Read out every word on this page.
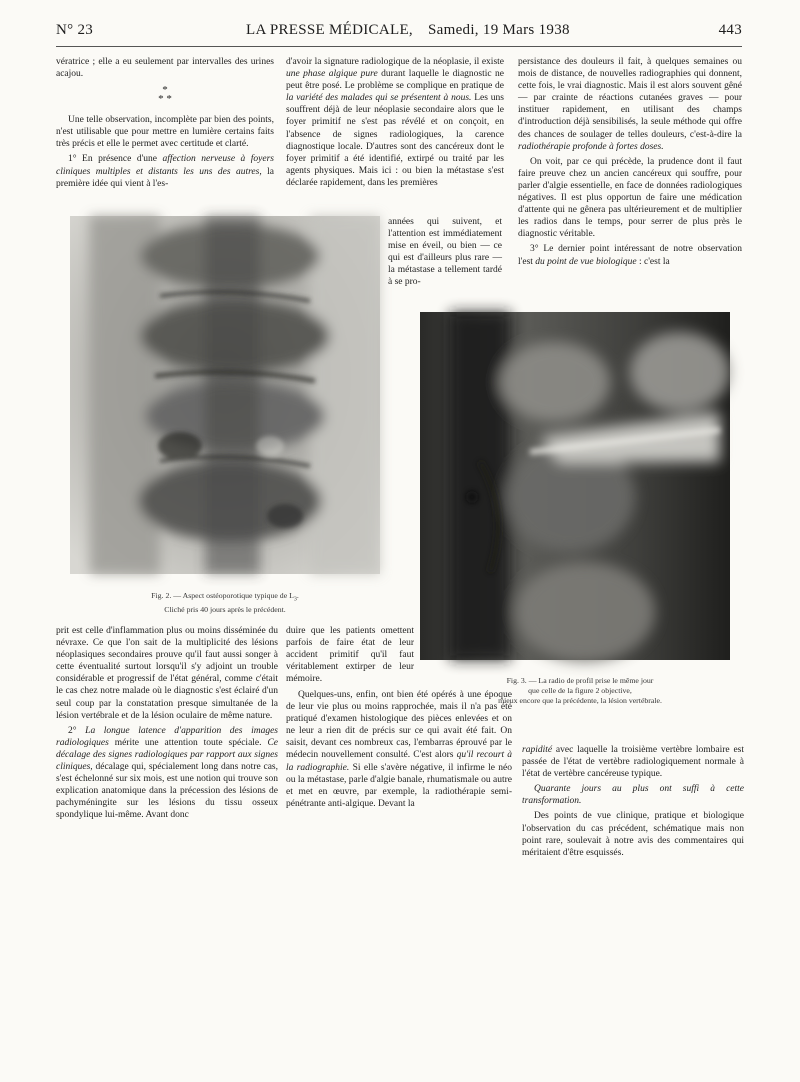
N° 23	LA PRESSE MÉDICALE, Samedi, 19 Mars 1938	443

vératrice ; elle a eu seulement par intervalles des urines acajou.

*
* *

Une telle observation, incomplète par bien des points, n'est utilisable que pour mettre en lumière certains faits très précis et elle le permet avec certitude et clarté.

1° En présence d'une affection nerveuse à foyers cliniques multiples et distants les uns des autres, la première idée qui vient à l'es-

d'avoir la signature radiologique de la néoplasie, il existe une phase algique pure durant laquelle le diagnostic ne peut être posé. Le problème se complique en pratique de la variété des malades qui se présentent à nous. Les uns souffrent déjà de leur néoplasie secondaire alors que le foyer primitif ne s'est pas révélé et on conçoit, en l'absence de signes radiologiques, la carence diagnostique locale. D'autres sont des cancéreux dont le foyer primitif a été identifié, extirpé ou traité par les agents physiques. Mais ici : ou bien la métastase s'est déclarée rapidement, dans les premières

années qui suivent, et l'attention est immédiatement mise en éveil, ou bien — ce qui est d'ailleurs plus rare — la métastase a tellement tardé à se pro-

persistance des douleurs il fait, à quelques semaines ou mois de distance, de nouvelles radiographies qui donnent, cette fois, le vrai diagnostic. Mais il est alors souvent gêné — par crainte de réactions cutanées graves — pour instituer rapidement, en utilisant des champs d'introduction déjà sensibilisés, la seule méthode qui offre des chances de soulager de telles douleurs, c'est-à-dire la radiothérapie profonde à fortes doses.

On voit, par ce qui précède, la prudence dont il faut faire preuve chez un ancien cancéreux qui souffre, pour parler d'algie essentielle, en face de données radiologiques négatives. Il est plus opportun de faire une médication d'attente qui ne gênera pas ultérieurement et de multiplier les radios dans le temps, pour serrer de plus près le diagnostic véritable.

3° Le dernier point intéressant de notre observation l'est du point de vue biologique : c'est la

Fig. 2. — Aspect ostéoporotique typique de $L_3$.
Cliché pris 40 jours après le précédent.
Fig. 3. — La radio de profil prise le même jour
que celle de la figure 2 objective,
mieux encore que la précédente, la lésion vertébrale.

prit est celle d'inflammation plus ou moins disséminée du névraxe. Ce que l'on sait de la multiplicité des lésions néoplasiques secondaires prouve qu'il faut aussi songer à cette éventualité surtout lorsqu'il s'y adjoint un trouble considérable et progressif de l'état général, comme c'était le cas chez notre malade où le diagnostic s'est éclairé d'un seul coup par la constatation presque simultanée de la lésion vertébrale et de la lésion oculaire de même nature.

2° La longue latence d'apparition des images radiologiques mérite une attention toute spéciale. Ce décalage des signes radiologiques par rapport aux signes cliniques, décalage qui, spécialement long dans notre cas, s'est échelonné sur six mois, est une notion qui trouve son explication anatomique dans la précession des lésions de pachyméningite sur les lésions du tissu osseux spondylique lui-même. Avant donc

duire que les patients omettent parfois de faire état de leur accident primitif qu'il faut véritablement extirper de leur mémoire.

Quelques-uns, enfin, ont bien été opérés à une époque de leur vie plus ou moins rapprochée, mais il n'a pas été pratiqué d'examen histologique des pièces enlevées et on ne leur a rien dit de précis sur ce qui avait été fait. On saisit, devant ces nombreux cas, l'embarras éprouvé par le médecin nouvellement consulté. C'est alors qu'il recourt à la radiographie. Si elle s'avère négative, il infirme le néo ou la métastase, parle d'algie banale, rhumatismale ou autre et met en œuvre, par exemple, la radiothérapie semi-pénétrante anti-algique. Devant la

rapidité avec laquelle la troisième vertèbre lombaire est passée de l'état de vertèbre radiologiquement normale à l'état de vertèbre cancéreuse typique.

Quarante jours au plus ont suffi à cette transformation.

Des points de vue clinique, pratique et biologique l'observation du cas précédent, schématique mais non point rare, soulevait à notre avis des commentaires qui méritaient d'être esquissés.
